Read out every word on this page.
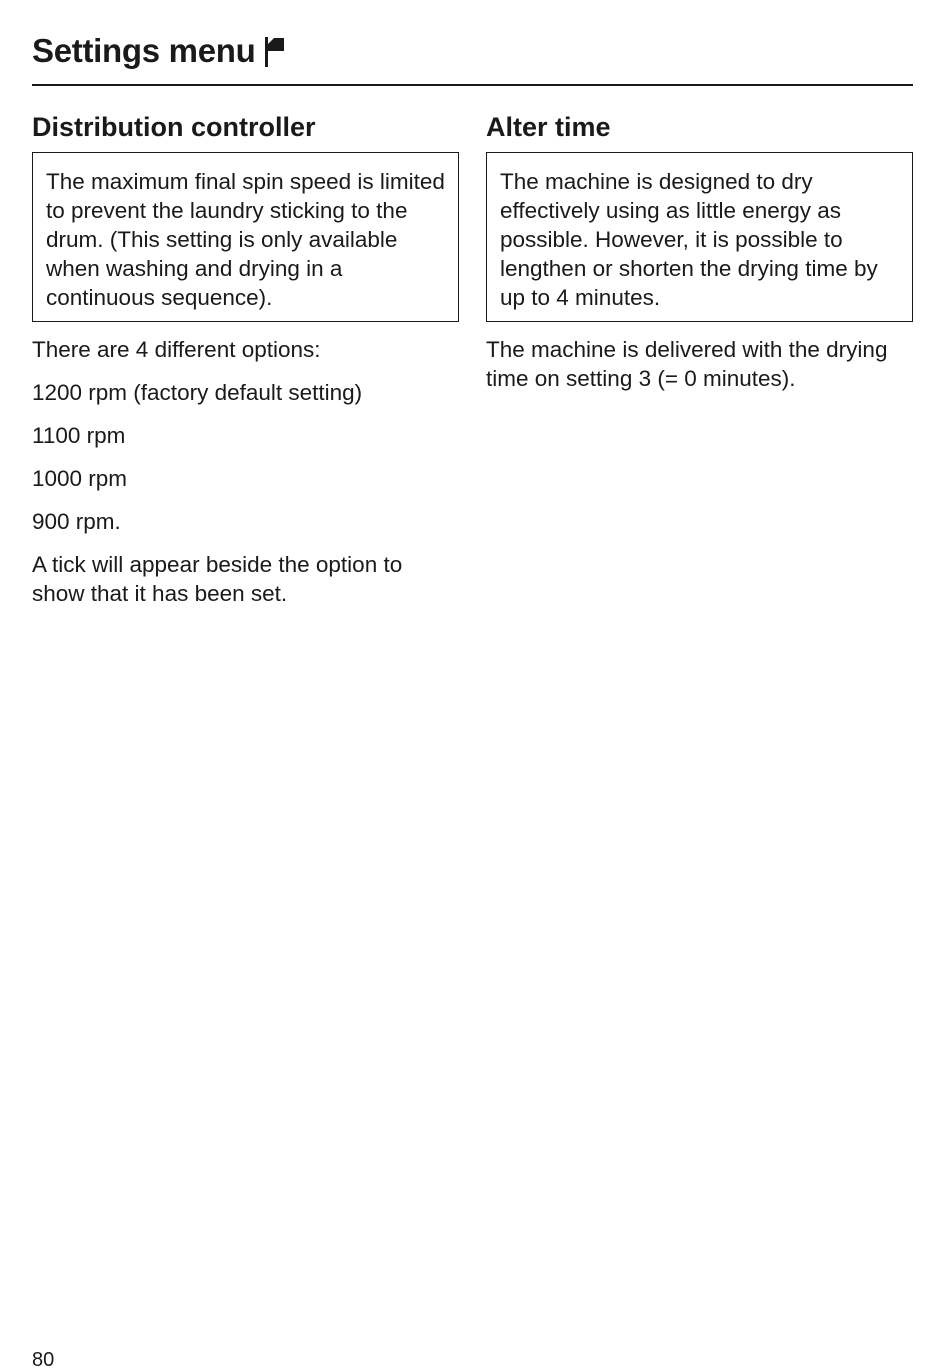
Settings menu
Distribution controller
The maximum final spin speed is limited to prevent the laundry sticking to the drum. (This setting is only available when washing and drying in a continuous sequence).

There are 4 different options:

1200 rpm (factory default setting)

1100 rpm

1000 rpm

900 rpm.

A tick will appear beside the option to show that it has been set.

Alter time
The machine is designed to dry effectively using as little energy as possible. However, it is possible to lengthen or shorten the drying time by up to 4 minutes.

The machine is delivered with the drying time on setting 3 (= 0 minutes).

80
